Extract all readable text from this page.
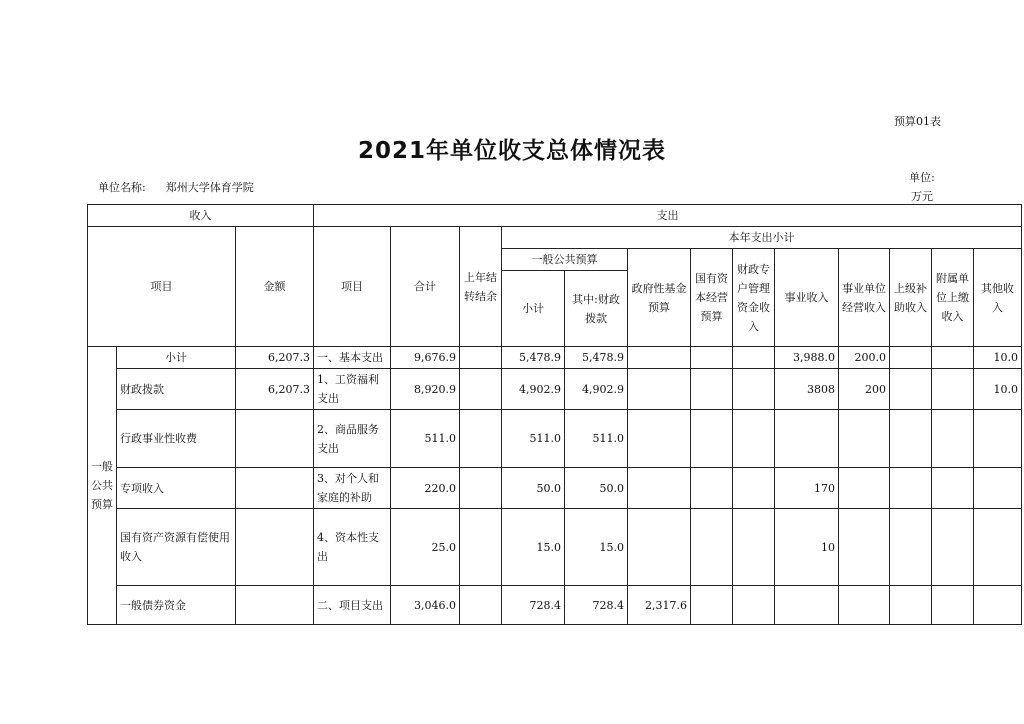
预算01表
2021年单位收支总体情况表
单位名称: 郑州大学体育学院
单位:
万元
收入			支出												
项目		金额	项目	合计	上年结转结余	本年支出小计									
						一般公共预算		政府性基金预算	国有资本经营预算	财政专户管理资金收入	事业收入	事业单位经营收入	上级补助收入	附属单位上缴收入	其他收入
						小计	其中:财政拨款								
一般公共预算	小计	6,207.3	一、基本支出	9,676.9		5,478.9	5,478.9				3,988.0	200.0			10.0
	财政拨款	6,207.3	1、工资福利支出	8,920.9		4,902.9	4,902.9				3808	200			10.0
	行政事业性收费		2、商品服务支出	511.0		511.0	511.0								
	专项收入		3、对个人和家庭的补助	220.0		50.0	50.0				170				
	国有资产资源有偿使用收入		4、资本性支出	25.0		15.0	15.0				10				
	一般债券资金		二、项目支出	3,046.0		728.4	728.4	2,317.6							
